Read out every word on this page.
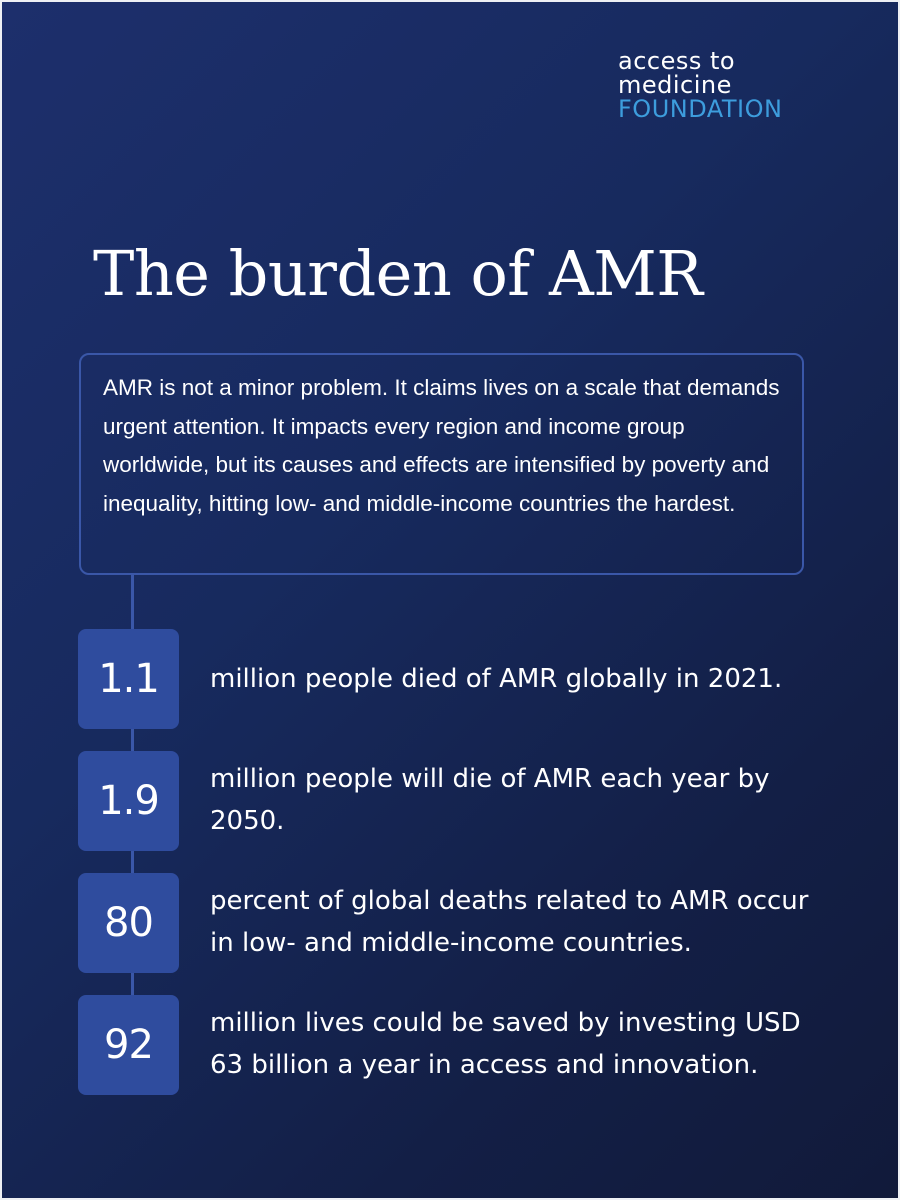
access to
medicine
FOUNDATION
The burden of AMR

AMR is not a minor problem. It claims lives on a scale that demands urgent attention. It impacts every region and income group worldwide, but its causes and effects are intensified by poverty and inequality, hitting low- and middle-income countries the hardest.

1.1	million people died of AMR globally in 2021.

1.9	million people will die of AMR each year by 2050.

80	percent of global deaths related to AMR occur in low- and middle-income countries.

92	million lives could be saved by investing USD 63 billion a year in access and innovation.
